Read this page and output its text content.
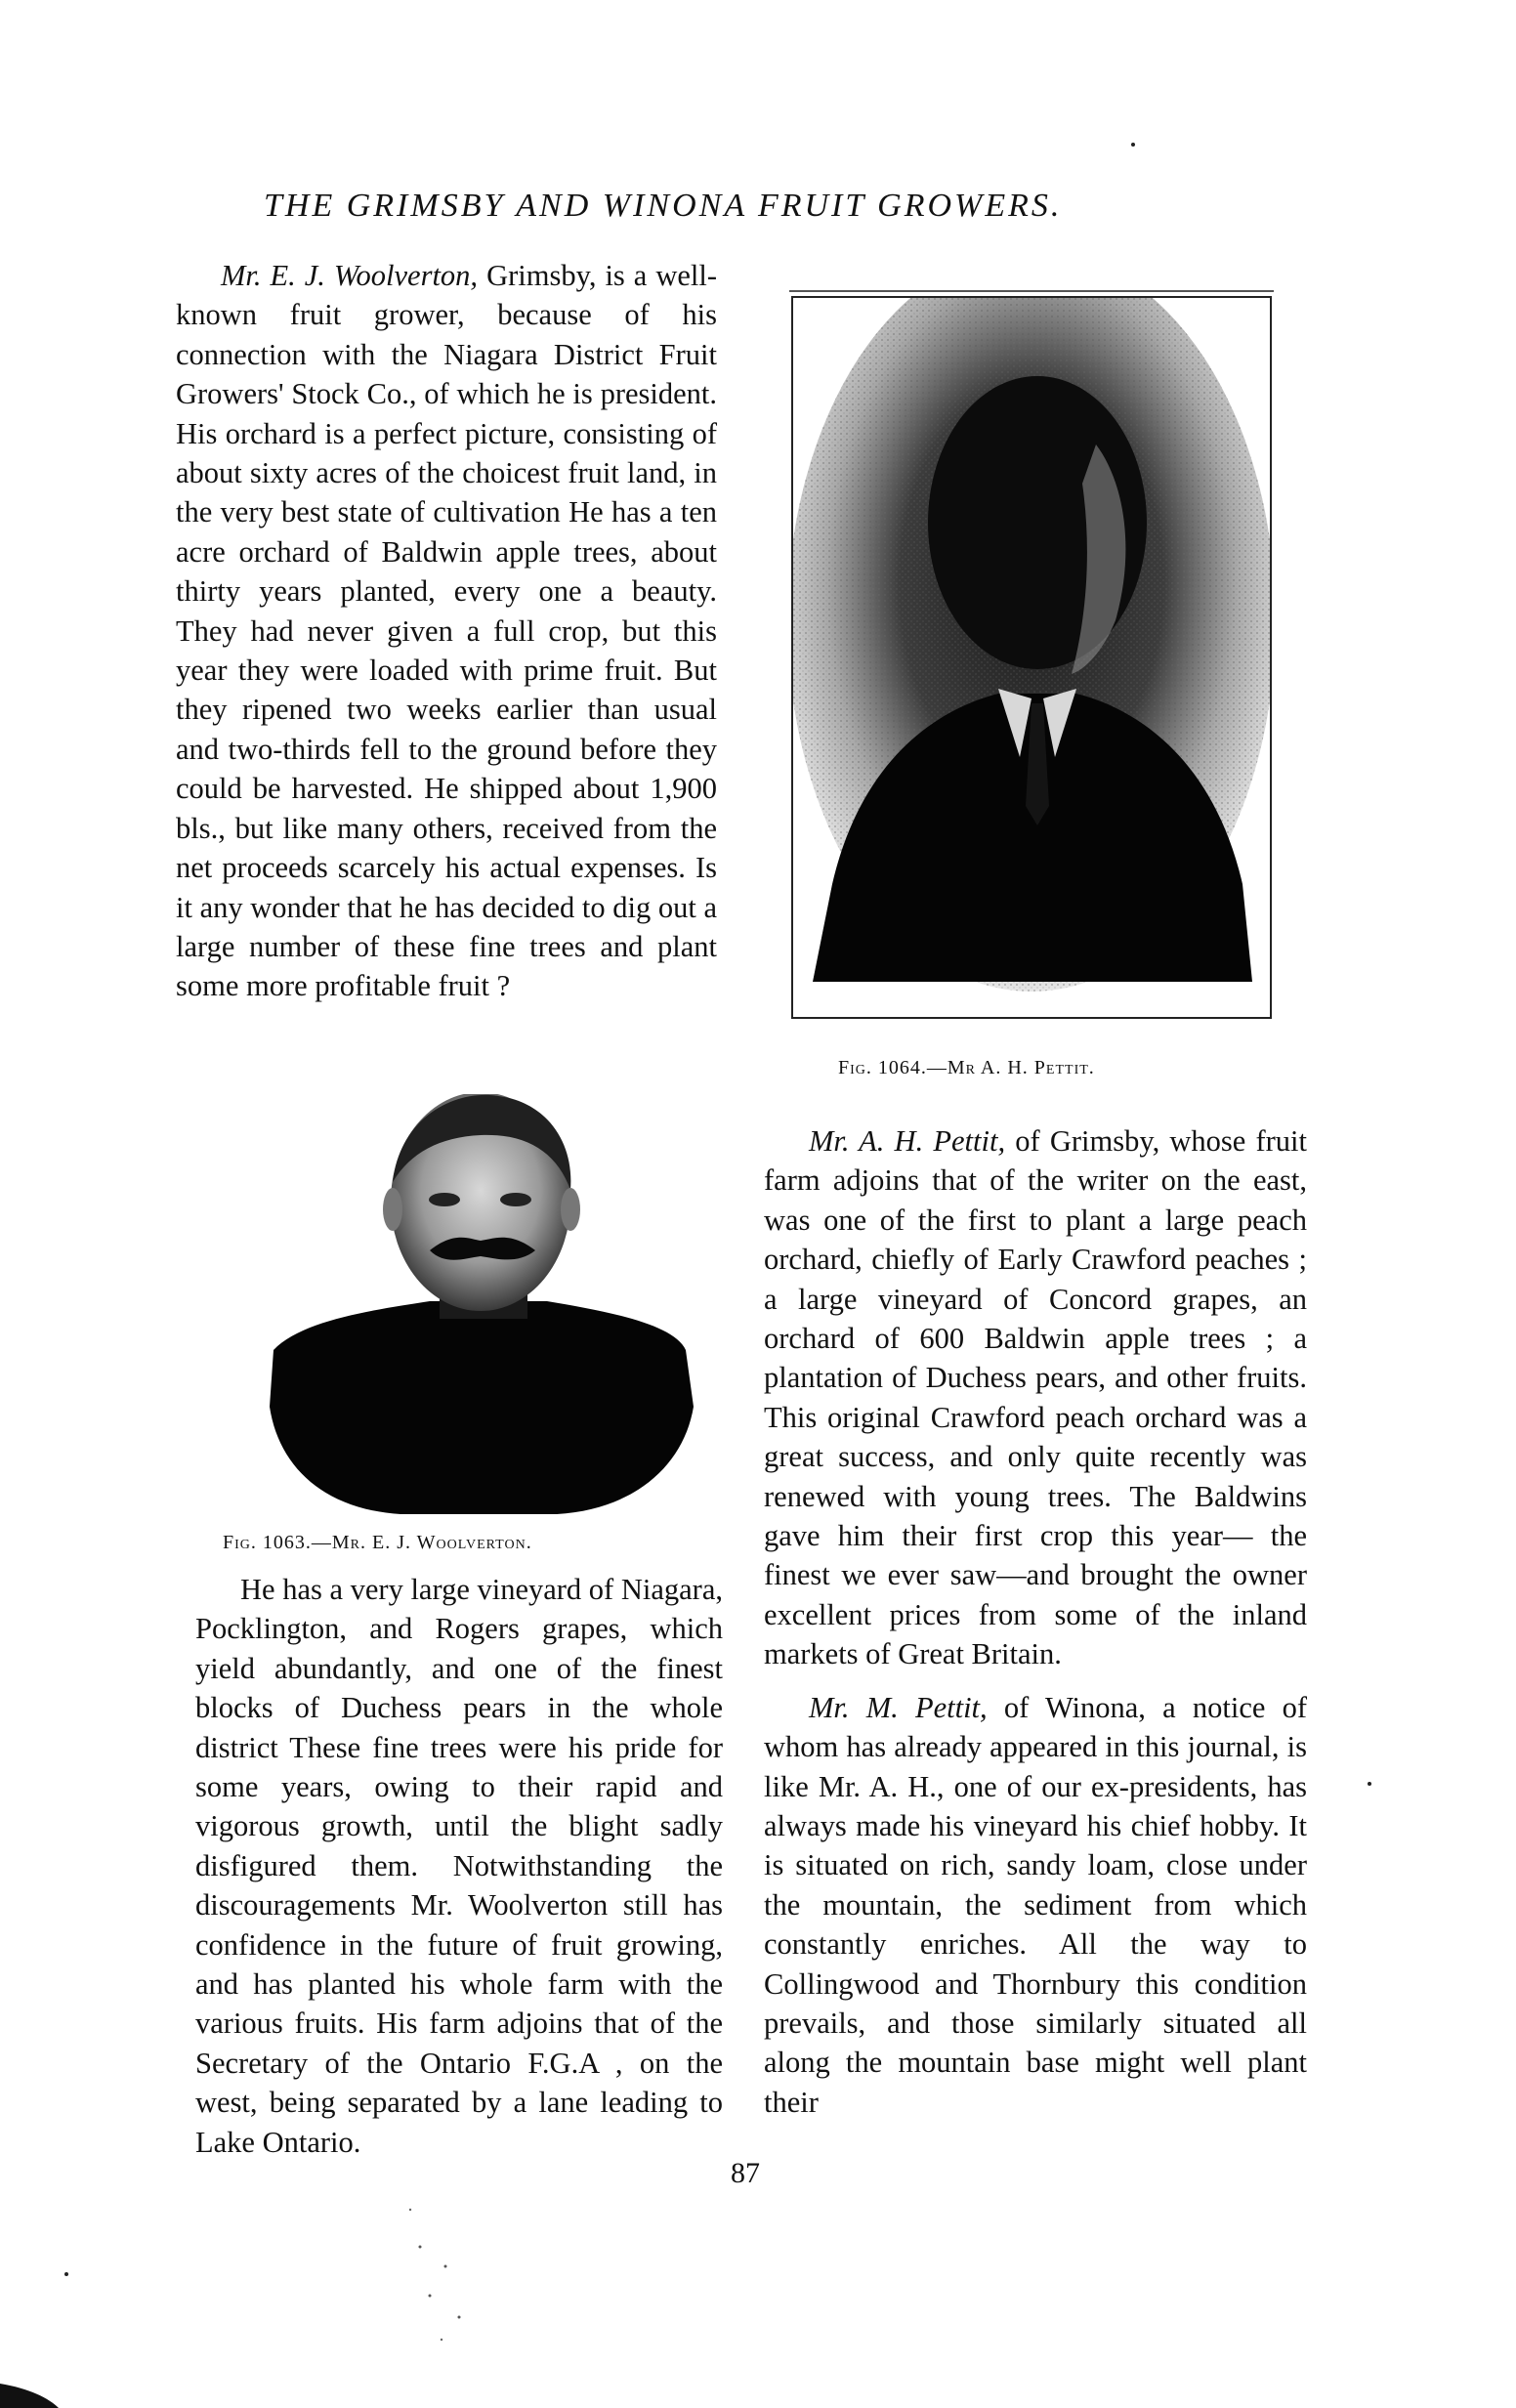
THE GRIMSBY AND WINONA FRUIT GROWERS.

Mr. E. J. Woolverton, Grimsby, is a well-known fruit grower, because of his connection with the Niagara District Fruit Growers' Stock Co., of which he is president. His orchard is a perfect picture, consisting of about sixty acres of the choicest fruit land, in the very best state of cultivation He has a ten acre orchard of Baldwin apple trees, about thirty years planted, every one a beauty. They had never given a full crop, but this year they were loaded with prime fruit. But they ripened two weeks earlier than usual and two-thirds fell to the ground before they could be harvested. He shipped about 1,900 bls., but like many others, received from the net proceeds scarcely his actual expenses. Is it any wonder that he has decided to dig out a large number of these fine trees and plant some more profitable fruit ?

Fig. 1063.—Mr. E. J. Woolverton.

He has a very large vineyard of Niagara, Pocklington, and Rogers grapes, which yield abundantly, and one of the finest blocks of Duchess pears in the whole district These fine trees were his pride for some years, owing to their rapid and vigorous growth, until the blight sadly disfigured them. Notwithstanding the discouragements Mr. Woolverton still has confidence in the future of fruit growing, and has planted his whole farm with the various fruits. His farm adjoins that of the Secretary of the Ontario F.G.A , on the west, being separated by a lane leading to Lake Ontario.

Fig. 1064.—Mr A. H. Pettit.

Mr. A. H. Pettit, of Grimsby, whose fruit farm adjoins that of the writer on the east, was one of the first to plant a large peach orchard, chiefly of Early Crawford peaches ; a large vineyard of Concord grapes, an orchard of 600 Baldwin apple trees ; a plantation of Duchess pears, and other fruits. This original Crawford peach orchard was a great success, and only quite recently was renewed with young trees. The Baldwins gave him their first crop this year— the finest we ever saw—and brought the owner excellent prices from some of the inland markets of Great Britain.

Mr. M. Pettit, of Winona, a notice of whom has already appeared in this journal, is like Mr. A. H., one of our ex-presidents, has always made his vineyard his chief hobby. It is situated on rich, sandy loam, close under the mountain, the sediment from which constantly enriches. All the way to Collingwood and Thornbury this condition prevails, and those similarly situated all along the mountain base might well plant their

87
